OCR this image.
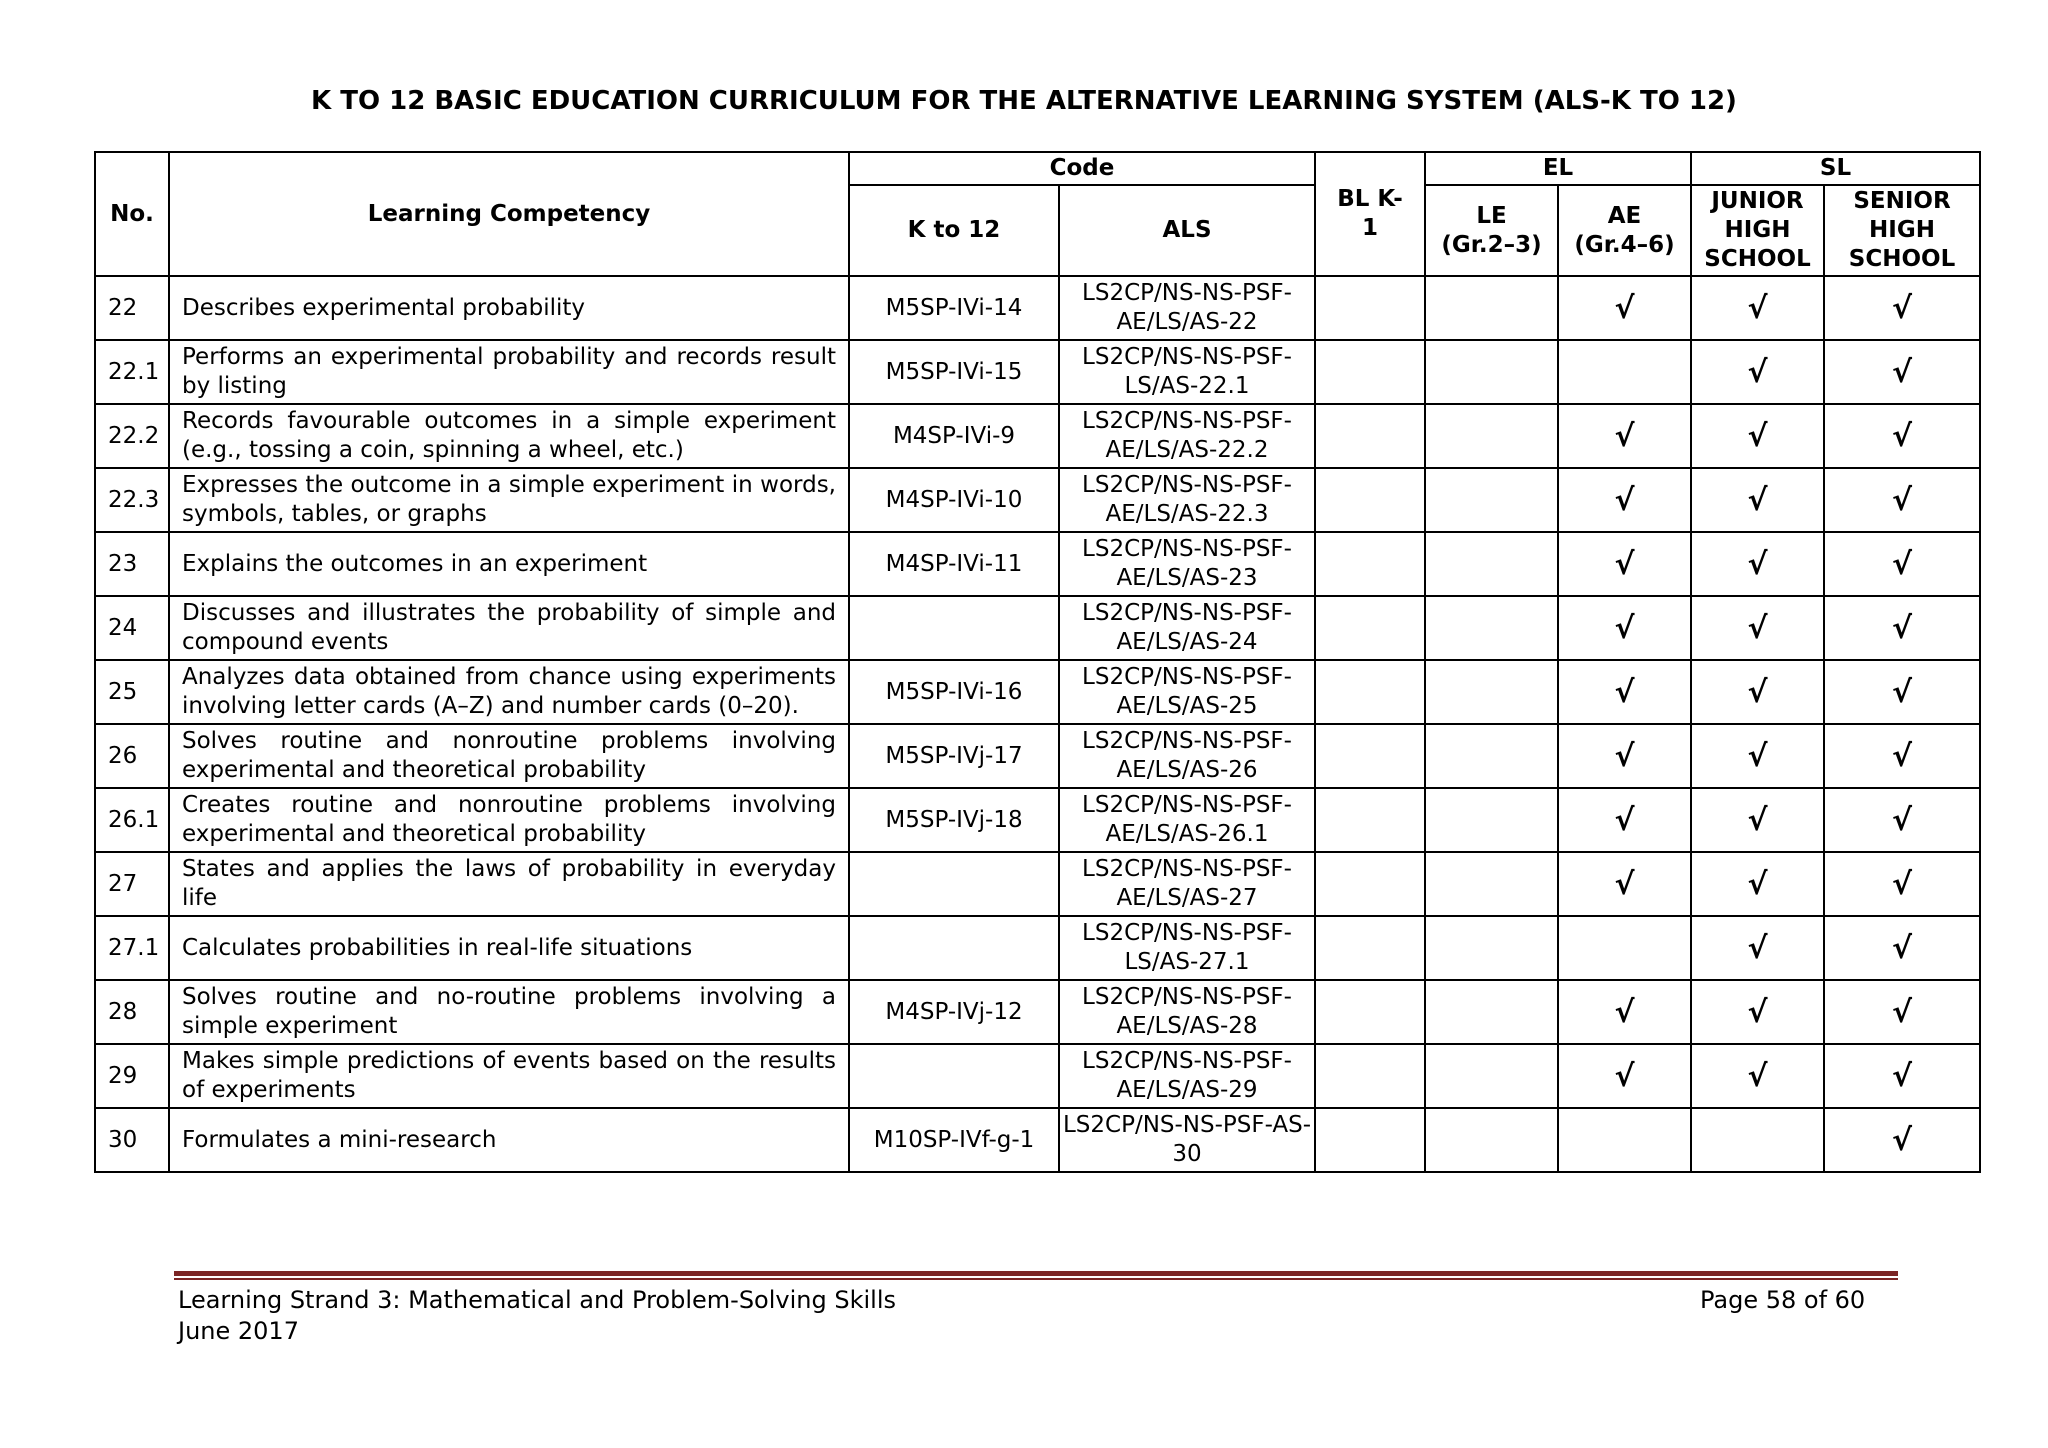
K TO 12 BASIC EDUCATION CURRICULUM FOR THE ALTERNATIVE LEARNING SYSTEM (ALS-K TO 12)
No.	Learning Competency	Code		BL K-1	EL		SL	
		K to 12	ALS		LE (Gr.2–3)	AE (Gr.4–6)	JUNIOR HIGH SCHOOL	SENIOR HIGH SCHOOL
22	Describes experimental probability	M5SP-IVi-14	LS2CP/NS-NS-PSF-AE/LS/AS-22			√	√	√
22.1	Performs an experimental probability and records result by listing	M5SP-IVi-15	LS2CP/NS-NS-PSF-LS/AS-22.1				√	√
22.2	Records favourable outcomes in a simple experiment (e.g., tossing a coin, spinning a wheel, etc.)	M4SP-IVi-9	LS2CP/NS-NS-PSF-AE/LS/AS-22.2			√	√	√
22.3	Expresses the outcome in a simple experiment in words, symbols, tables, or graphs	M4SP-IVi-10	LS2CP/NS-NS-PSF-AE/LS/AS-22.3			√	√	√
23	Explains the outcomes in an experiment	M4SP-IVi-11	LS2CP/NS-NS-PSF-AE/LS/AS-23			√	√	√
24	Discusses and illustrates the probability of simple and compound events		LS2CP/NS-NS-PSF-AE/LS/AS-24			√	√	√
25	Analyzes data obtained from chance using experiments involving letter cards (A–Z) and number cards (0–20).	M5SP-IVi-16	LS2CP/NS-NS-PSF-AE/LS/AS-25			√	√	√
26	Solves routine and nonroutine problems involving experimental and theoretical probability	M5SP-IVj-17	LS2CP/NS-NS-PSF-AE/LS/AS-26			√	√	√
26.1	Creates routine and nonroutine problems involving experimental and theoretical probability	M5SP-IVj-18	LS2CP/NS-NS-PSF-AE/LS/AS-26.1			√	√	√
27	States and applies the laws of probability in everyday life		LS2CP/NS-NS-PSF-AE/LS/AS-27			√	√	√
27.1	Calculates probabilities in real-life situations		LS2CP/NS-NS-PSF-LS/AS-27.1				√	√
28	Solves routine and no-routine problems involving a simple experiment	M4SP-IVj-12	LS2CP/NS-NS-PSF-AE/LS/AS-28			√	√	√
29	Makes simple predictions of events based on the results of experiments		LS2CP/NS-NS-PSF-AE/LS/AS-29			√	√	√
30	Formulates a mini-research	M10SP-IVf-g-1	LS2CP/NS-NS-PSF-AS-30					√
Learning Strand 3: Mathematical and Problem-Solving Skills
June 2017
Page 58 of 60
